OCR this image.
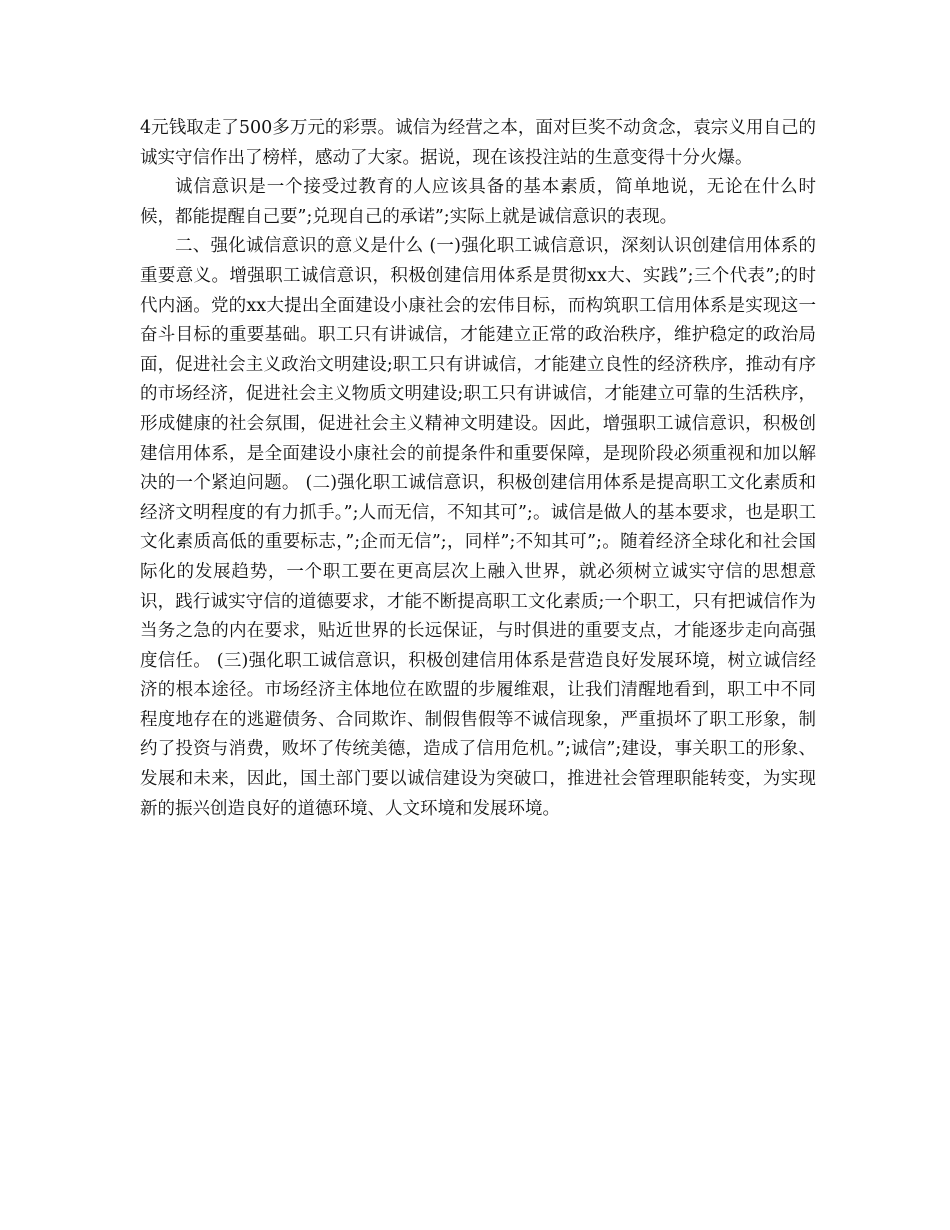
4元钱取走了500多万元的彩票。诚信为经营之本，面对巨奖不动贪念，袁宗义用自己的诚实守信作出了榜样，感动了大家。据说，现在该投注站的生意变得十分火爆。

诚信意识是一个接受过教育的人应该具备的基本素质，简单地说，无论在什么时候，都能提醒自己要”;兑现自己的承诺”;实际上就是诚信意识的表现。

二、强化诚信意识的意义是什么 (一)强化职工诚信意识，深刻认识创建信用体系的重要意义。增强职工诚信意识，积极创建信用体系是贯彻xx大、实践”;三个代表”;的时代内涵。党的xx大提出全面建设小康社会的宏伟目标，而构筑职工信用体系是实现这一奋斗目标的重要基础。职工只有讲诚信，才能建立正常的政治秩序，维护稳定的政治局面，促进社会主义政治文明建设;职工只有讲诚信，才能建立良性的经济秩序，推动有序的市场经济，促进社会主义物质文明建设;职工只有讲诚信，才能建立可靠的生活秩序，形成健康的社会氛围，促进社会主义精神文明建设。因此，增强职工诚信意识，积极创建信用体系，是全面建设小康社会的前提条件和重要保障，是现阶段必须重视和加以解决的一个紧迫问题。 (二)强化职工诚信意识，积极创建信用体系是提高职工文化素质和经济文明程度的有力抓手。”;人而无信，不知其可”;。诚信是做人的基本要求，也是职工文化素质高低的重要标志，”;企而无信”;，同样”;不知其可”;。随着经济全球化和社会国际化的发展趋势，一个职工要在更高层次上融入世界，就必须树立诚实守信的思想意识，践行诚实守信的道德要求，才能不断提高职工文化素质;一个职工，只有把诚信作为当务之急的内在要求，贴近世界的长远保证，与时俱进的重要支点，才能逐步走向高强度信任。 (三)强化职工诚信意识，积极创建信用体系是营造良好发展环境，树立诚信经济的根本途径。市场经济主体地位在欧盟的步履维艰，让我们清醒地看到，职工中不同程度地存在的逃避债务、合同欺诈、制假售假等不诚信现象，严重损坏了职工形象，制约了投资与消费，败坏了传统美德，造成了信用危机。”;诚信”;建设，事关职工的形象、发展和未来，因此，国土部门要以诚信建设为突破口，推进社会管理职能转变，为实现新的振兴创造良好的道德环境、人文环境和发展环境。
